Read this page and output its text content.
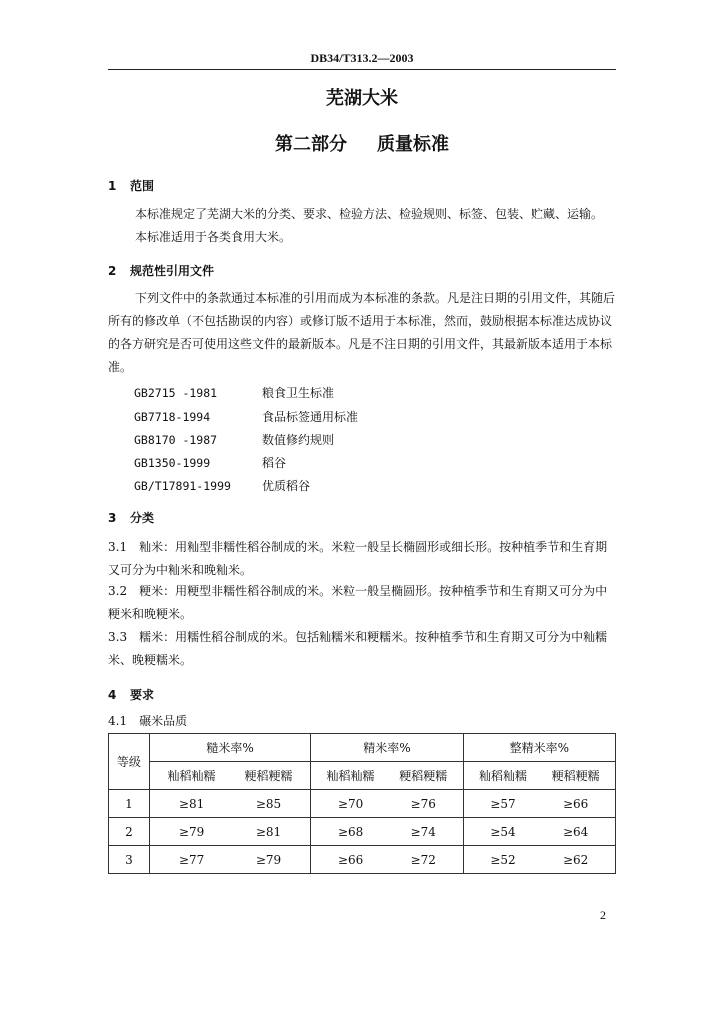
DB34/T313.2—2003
芜湖大米
第二部分 质量标准
1 范围
本标准规定了芜湖大米的分类、要求、检验方法、检验规则、标签、包装、贮藏、运输。
本标准适用于各类食用大米。
2 规范性引用文件
下列文件中的条款通过本标准的引用而成为本标准的条款。凡是注日期的引用文件，其随后所有的修改单（不包括勘误的内容）或修订版不适用于本标准，然而，鼓励根据本标准达成协议的各方研究是否可使用这些文件的最新版本。凡是不注日期的引用文件，其最新版本适用于本标准。
GB2715 -1981	粮食卫生标准
GB7718-1994	食品标签通用标准
GB8170 -1987	数值修约规则
GB1350-1999	稻谷
GB/T17891-1999	优质稻谷
3 分类
3.1　籼米：用籼型非糯性稻谷制成的米。米粒一般呈长椭圆形或细长形。按种植季节和生育期又可分为中籼米和晚籼米。
3.2　粳米：用粳型非糯性稻谷制成的米。米粒一般呈椭圆形。按种植季节和生育期又可分为中粳米和晚粳米。
3.3　糯米：用糯性稻谷制成的米。包括籼糯米和粳糯米。按种植季节和生育期又可分为中籼糯米、晚粳糯米。
4 要求
4.1　碾米品质
等级	糙米率%	精米率%	整精米率%
	籼稻籼糯 粳稻粳糯	籼稻籼糯 粳稻粳糯	籼稻籼糯 粳稻粳糯
1	≥81 ≥85	≥70 ≥76	≥57 ≥66
2	≥79 ≥81	≥68 ≥74	≥54 ≥64
3	≥77 ≥79	≥66 ≥72	≥52 ≥62
2
